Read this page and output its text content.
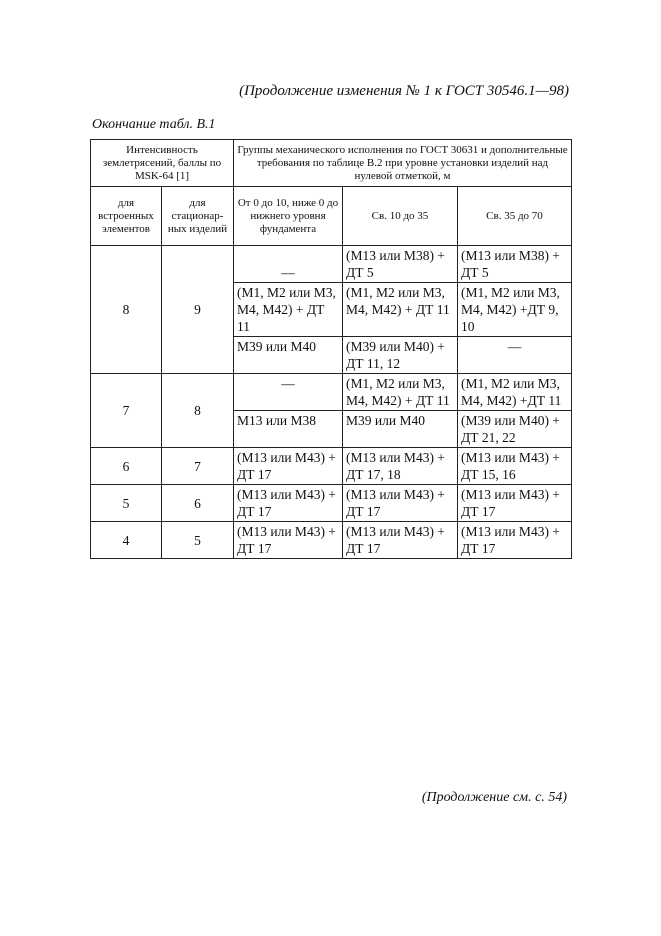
(Продолжение изменения № 1 к ГОСТ 30546.1—98)
Окончание табл. В.1
Интенсивность землетрясений, баллы по MSK-64 [1]		Группы механического исполнения по ГОСТ 30631 и дополнительные требования по таблице В.2 при уровне установки изделий над нулевой отметкой, м		
для встроенных элементов	для стационар-ных изделий	От 0 до 10, ниже 0 до нижнего уровня фундамента	Св. 10 до 35	Св. 35 до 70
8	9	—	(M13 или M38) + ДТ 5	(M13 или M38) + ДТ 5
		(M1, M2 или M3, M4, M42) + ДТ 11	(M1, M2 или M3, M4, M42) + ДТ 11	(M1, M2 или M3, M4, M42) +ДТ 9, 10
		M39 или M40	(M39 или M40) + ДТ 11, 12	—
7	8	—	(M1, M2 или M3, M4, M42) + ДТ 11	(M1, M2 или M3, M4, M42) +ДТ 11
		M13 или M38	M39 или M40	(M39 или M40) + ДТ 21, 22
6	7	(M13 или M43) + ДТ 17	(M13 или M43) + ДТ 17, 18	(M13 или M43) + ДТ 15, 16
5	6	(M13 или M43) + ДТ 17	(M13 или M43) + ДТ 17	(M13 или M43) + ДТ 17
4	5	(M13 или M43) + ДТ 17	(M13 или M43) + ДТ 17	(M13 или M43) + ДТ 17
(Продолжение см. с. 54)
